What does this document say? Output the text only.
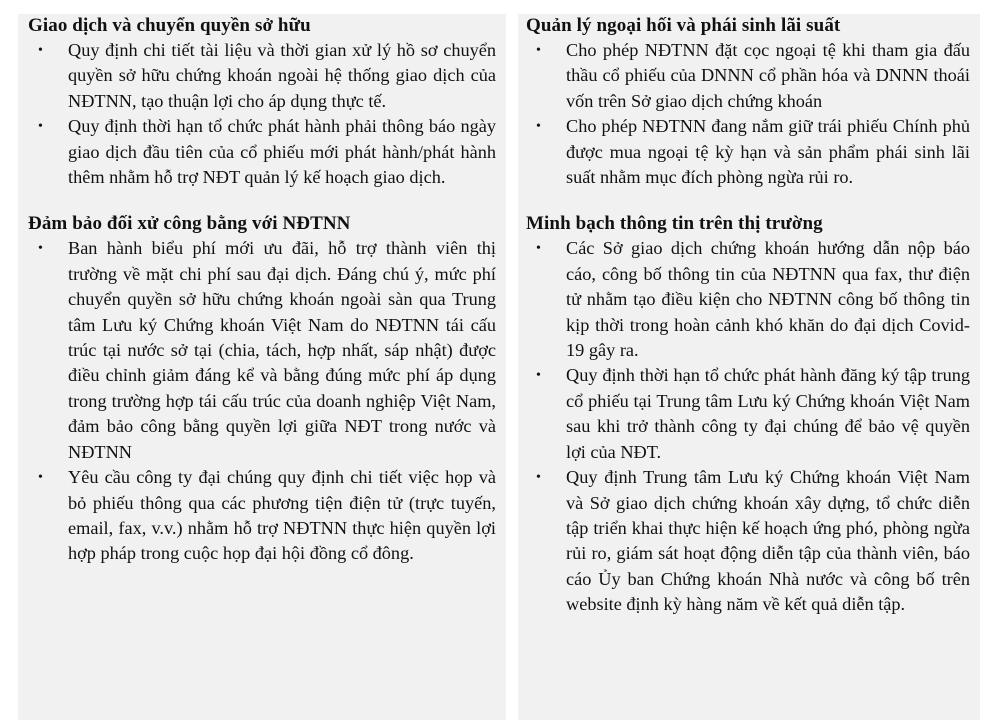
Giao dịch và chuyển quyền sở hữu
• Quy định chi tiết tài liệu và thời gian xử lý hồ sơ chuyển quyền sở hữu chứng khoán ngoài hệ thống giao dịch của NĐTNN, tạo thuận lợi cho áp dụng thực tế.
• Quy định thời hạn tổ chức phát hành phải thông báo ngày giao dịch đầu tiên của cổ phiếu mới phát hành/phát hành thêm nhằm hỗ trợ NĐT quản lý kế hoạch giao dịch.
Đảm bảo đối xử công bằng với NĐTNN
• Ban hành biểu phí mới ưu đãi, hỗ trợ thành viên thị trường về mặt chi phí sau đại dịch. Đáng chú ý, mức phí chuyển quyền sở hữu chứng khoán ngoài sàn qua Trung tâm Lưu ký Chứng khoán Việt Nam do NĐTNN tái cấu trúc tại nước sở tại (chia, tách, hợp nhất, sáp nhật) được điều chỉnh giảm đáng kể và bằng đúng mức phí áp dụng trong trường hợp tái cấu trúc của doanh nghiệp Việt Nam, đảm bảo công bằng quyền lợi giữa NĐT trong nước và NĐTNN
• Yêu cầu công ty đại chúng quy định chi tiết việc họp và bỏ phiếu thông qua các phương tiện điện tử (trực tuyến, email, fax, v.v.) nhằm hỗ trợ NĐTNN thực hiện quyền lợi hợp pháp trong cuộc họp đại hội đồng cổ đông.
Quản lý ngoại hối và phái sinh lãi suất
• Cho phép NĐTNN đặt cọc ngoại tệ khi tham gia đấu thầu cổ phiếu của DNNN cổ phần hóa và DNNN thoái vốn trên Sở giao dịch chứng khoán
• Cho phép NĐTNN đang nắm giữ trái phiếu Chính phủ được mua ngoại tệ kỳ hạn và sản phẩm phái sinh lãi suất nhằm mục đích phòng ngừa rủi ro.
Minh bạch thông tin trên thị trường
• Các Sở giao dịch chứng khoán hướng dẫn nộp báo cáo, công bố thông tin của NĐTNN qua fax, thư điện tử nhằm tạo điều kiện cho NĐTNN công bố thông tin kịp thời trong hoàn cảnh khó khăn do đại dịch Covid-19 gây ra.
• Quy định thời hạn tổ chức phát hành đăng ký tập trung cổ phiếu tại Trung tâm Lưu ký Chứng khoán Việt Nam sau khi trở thành công ty đại chúng để bảo vệ quyền lợi của NĐT.
• Quy định Trung tâm Lưu ký Chứng khoán Việt Nam và Sở giao dịch chứng khoán xây dựng, tổ chức diễn tập triển khai thực hiện kế hoạch ứng phó, phòng ngừa rủi ro, giám sát hoạt động diễn tập của thành viên, báo cáo Ủy ban Chứng khoán Nhà nước và công bố trên website định kỳ hàng năm về kết quả diễn tập.
